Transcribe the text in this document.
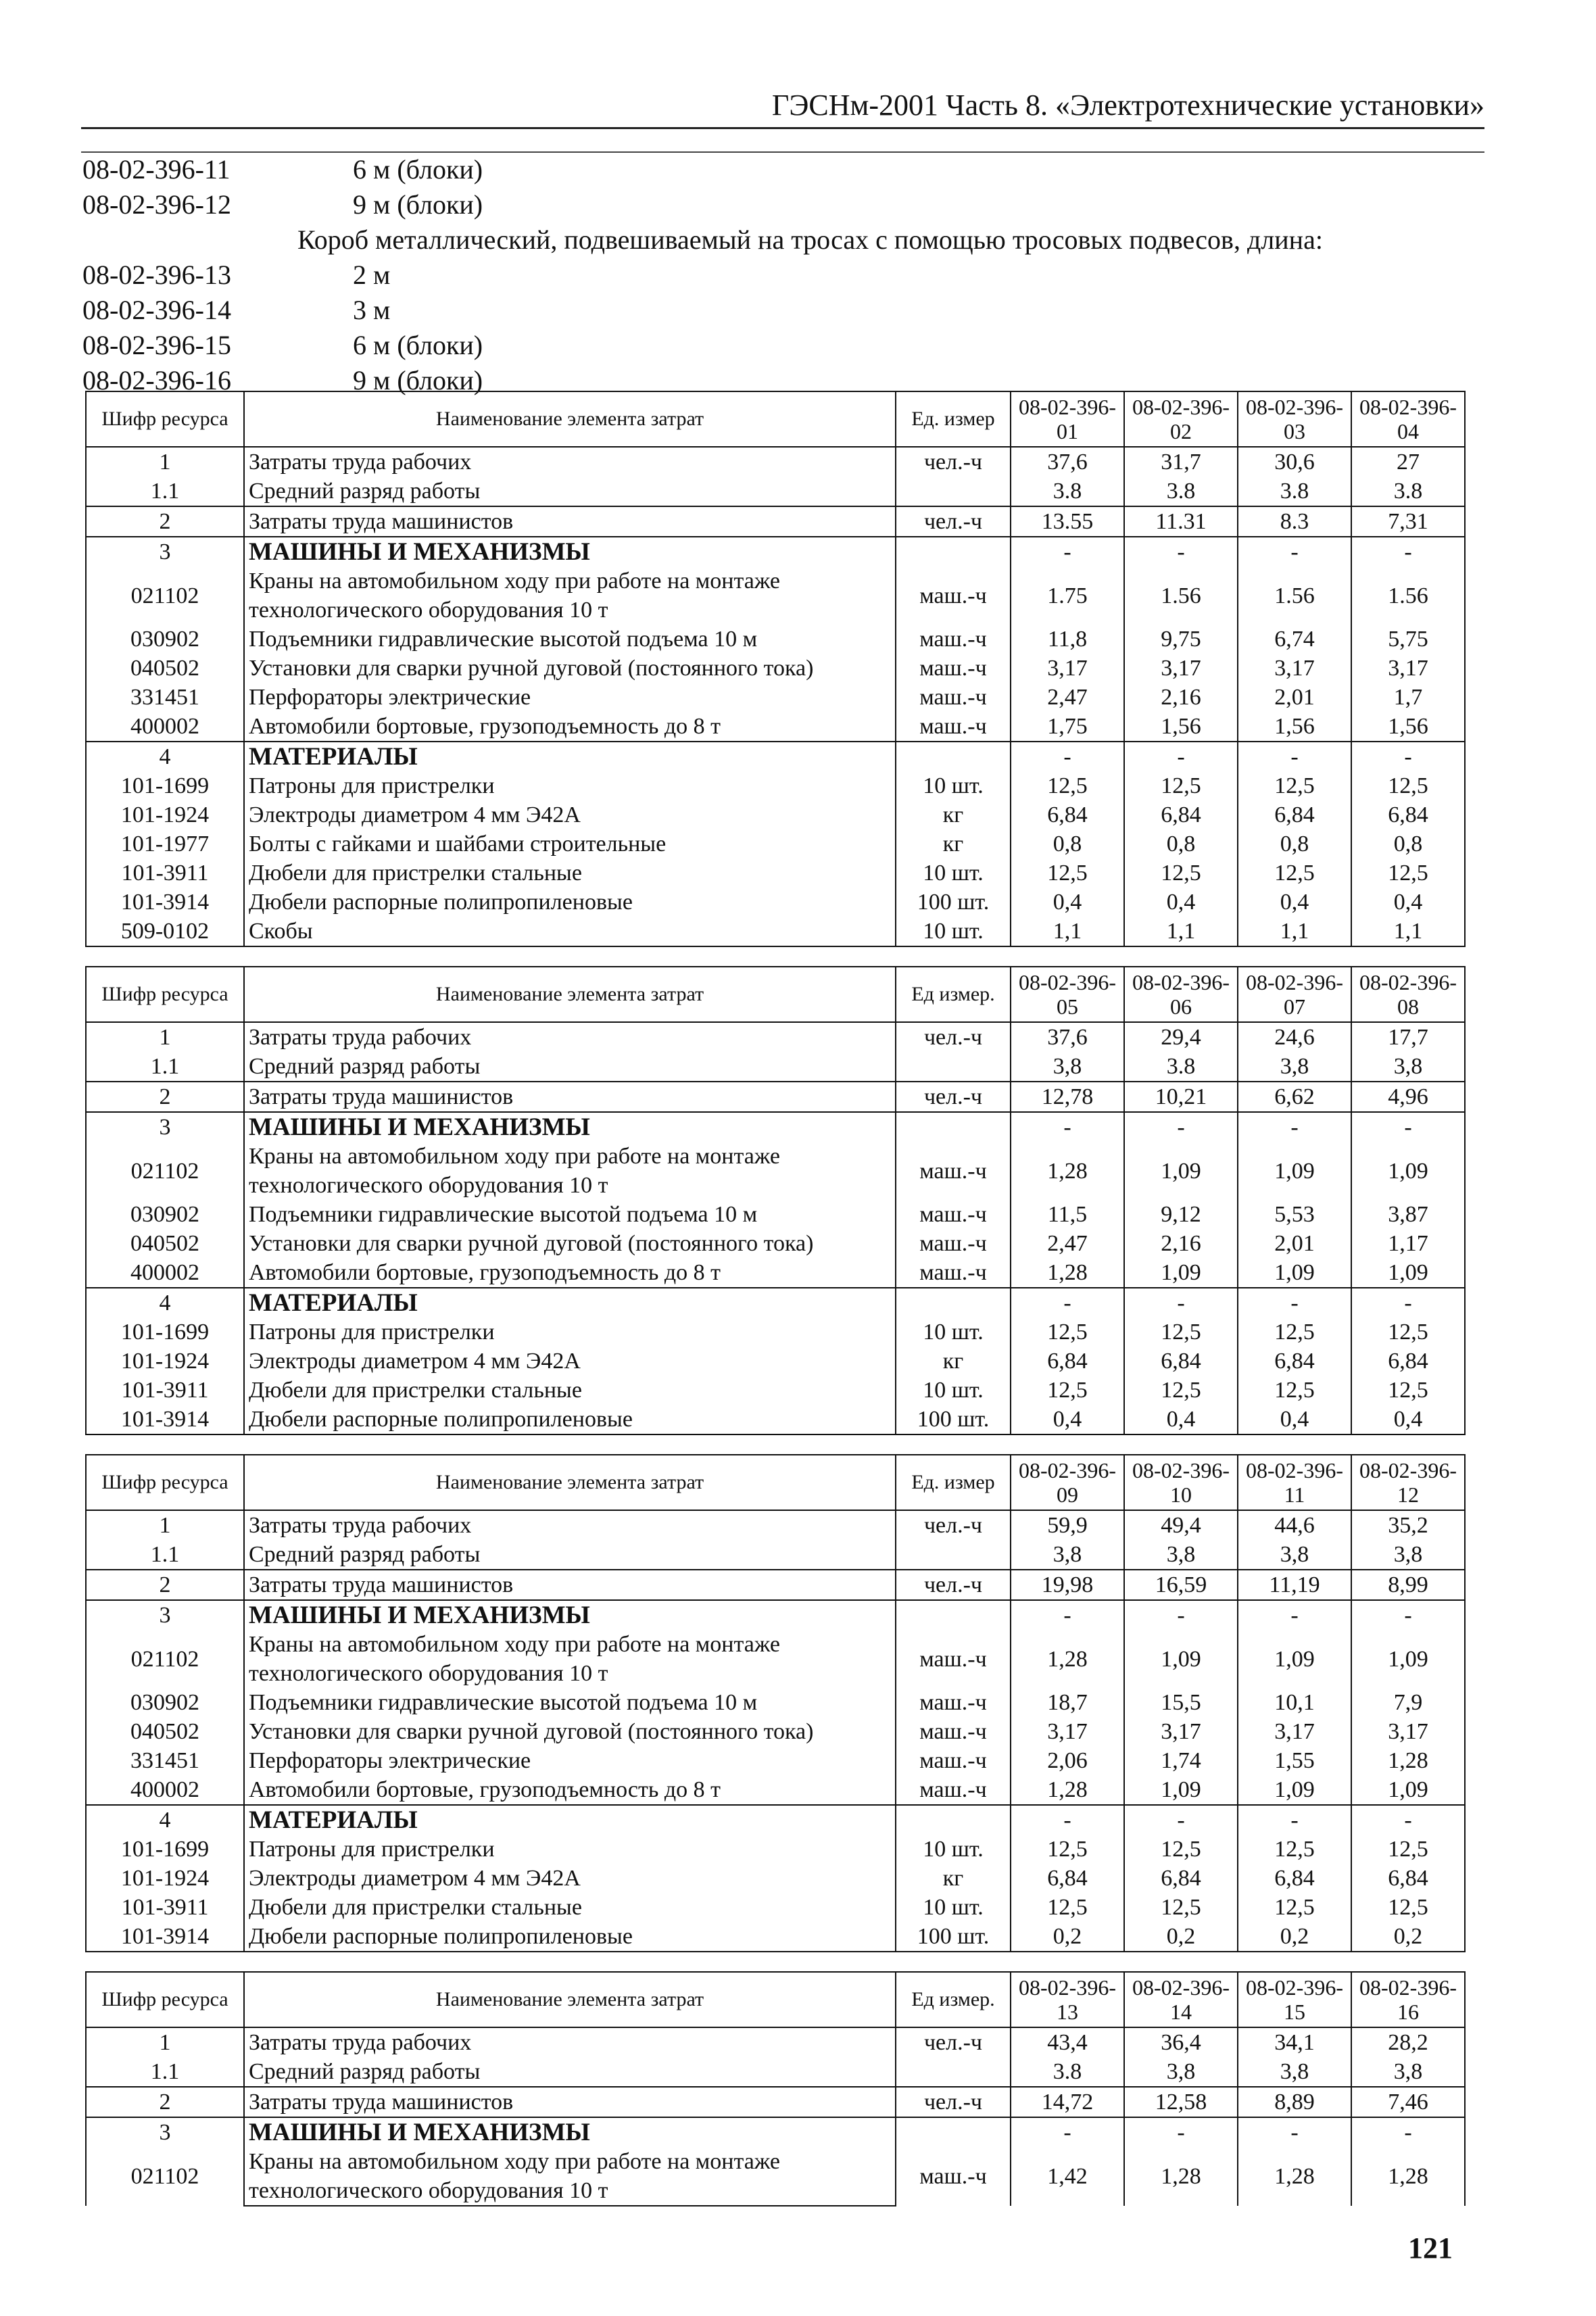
ГЭСНм-2001 Часть 8. «Электротехнические установки»
08-02-396-11	6 м (блоки)
08-02-396-12	9 м (блоки)
Короб металлический, подвешиваемый на тросах с помощью тросовых подвесов, длина:
08-02-396-13	2 м
08-02-396-14	3 м
08-02-396-15	6 м (блоки)
08-02-396-16	9 м (блоки)
Шифр ресурса	Наименование элемента затрат	Ед. измер	08-02-396-01	08-02-396-02	08-02-396-03	08-02-396-04
1	Затраты труда рабочих	чел.-ч	37,6	31,7	30,6	27
1.1	Средний разряд работы		3.8	3.8	3.8	3.8
2	Затраты труда машинистов	чел.-ч	13.55	11.31	8.3	7,31
3	МАШИНЫ И МЕХАНИЗМЫ		-	-	-	-
021102	Краны на автомобильном ходу при работе на монтаже	маш.-ч	1.75	1.56	1.56	1.56
	технологического оборудования 10 т					
030902	Подъемники гидравлические высотой подъема 10 м	маш.-ч	11,8	9,75	6,74	5,75
040502	Установки для сварки ручной дуговой (постоянного тока)	маш.-ч	3,17	3,17	3,17	3,17
331451	Перфораторы электрические	маш.-ч	2,47	2,16	2,01	1,7
400002	Автомобили бортовые, грузоподъемность до 8 т	маш.-ч	1,75	1,56	1,56	1,56
4	МАТЕРИАЛЫ		-	-	-	-
101-1699	Патроны для пристрелки	10 шт.	12,5	12,5	12,5	12,5
101-1924	Электроды диаметром 4 мм Э42А	кг	6,84	6,84	6,84	6,84
101-1977	Болты с гайками и шайбами строительные	кг	0,8	0,8	0,8	0,8
101-3911	Дюбели для пристрелки стальные	10 шт.	12,5	12,5	12,5	12,5
101-3914	Дюбели распорные полипропиленовые	100 шт.	0,4	0,4	0,4	0,4
509-0102	Скобы	10 шт.	1,1	1,1	1,1	1,1
Шифр ресурса	Наименование элемента затрат	Ед измер.	08-02-396-05	08-02-396-06	08-02-396-07	08-02-396-08
1	Затраты труда рабочих	чел.-ч	37,6	29,4	24,6	17,7
1.1	Средний разряд работы		3,8	3.8	3,8	3,8
2	Затраты труда машинистов	чел.-ч	12,78	10,21	6,62	4,96
3	МАШИНЫ И МЕХАНИЗМЫ		-	-	-	-
021102	Краны на автомобильном ходу при работе на монтаже	маш.-ч	1,28	1,09	1,09	1,09
	технологического оборудования 10 т					
030902	Подъемники гидравлические высотой подъема 10 м	маш.-ч	11,5	9,12	5,53	3,87
040502	Установки для сварки ручной дуговой (постоянного тока)	маш.-ч	2,47	2,16	2,01	1,17
400002	Автомобили бортовые, грузоподъемность до 8 т	маш.-ч	1,28	1,09	1,09	1,09
4	МАТЕРИАЛЫ		-	-	-	-
101-1699	Патроны для пристрелки	10 шт.	12,5	12,5	12,5	12,5
101-1924	Электроды диаметром 4 мм Э42А	кг	6,84	6,84	6,84	6,84
101-3911	Дюбели для пристрелки стальные	10 шт.	12,5	12,5	12,5	12,5
101-3914	Дюбели распорные полипропиленовые	100 шт.	0,4	0,4	0,4	0,4
Шифр ресурса	Наименование элемента затрат	Ед. измер	08-02-396-09	08-02-396-10	08-02-396-11	08-02-396-12
1	Затраты труда рабочих	чел.-ч	59,9	49,4	44,6	35,2
1.1	Средний разряд работы		3,8	3,8	3,8	3,8
2	Затраты труда машинистов	чел.-ч	19,98	16,59	11,19	8,99
3	МАШИНЫ И МЕХАНИЗМЫ		-	-	-	-
021102	Краны на автомобильном ходу при работе на монтаже	маш.-ч	1,28	1,09	1,09	1,09
	технологического оборудования 10 т					
030902	Подъемники гидравлические высотой подъема 10 м	маш.-ч	18,7	15,5	10,1	7,9
040502	Установки для сварки ручной дуговой (постоянного тока)	маш.-ч	3,17	3,17	3,17	3,17
331451	Перфораторы электрические	маш.-ч	2,06	1,74	1,55	1,28
400002	Автомобили бортовые, грузоподъемность до 8 т	маш.-ч	1,28	1,09	1,09	1,09
4	МАТЕРИАЛЫ		-	-	-	-
101-1699	Патроны для пристрелки	10 шт.	12,5	12,5	12,5	12,5
101-1924	Электроды диаметром 4 мм Э42А	кг	6,84	6,84	6,84	6,84
101-3911	Дюбели для пристрелки стальные	10 шт.	12,5	12,5	12,5	12,5
101-3914	Дюбели распорные полипропиленовые	100 шт.	0,2	0,2	0,2	0,2
Шифр ресурса	Наименование элемента затрат	Ед измер.	08-02-396-13	08-02-396-14	08-02-396-15	08-02-396-16
1	Затраты труда рабочих	чел.-ч	43,4	36,4	34,1	28,2
1.1	Средний разряд работы		3.8	3,8	3,8	3,8
2	Затраты труда машинистов	чел.-ч	14,72	12,58	8,89	7,46
3	МАШИНЫ И МЕХАНИЗМЫ		-	-	-	-
021102	Краны на автомобильном ходу при работе на монтаже	маш.-ч	1,42	1,28	1,28	1,28
	технологического оборудования 10 т					
121
